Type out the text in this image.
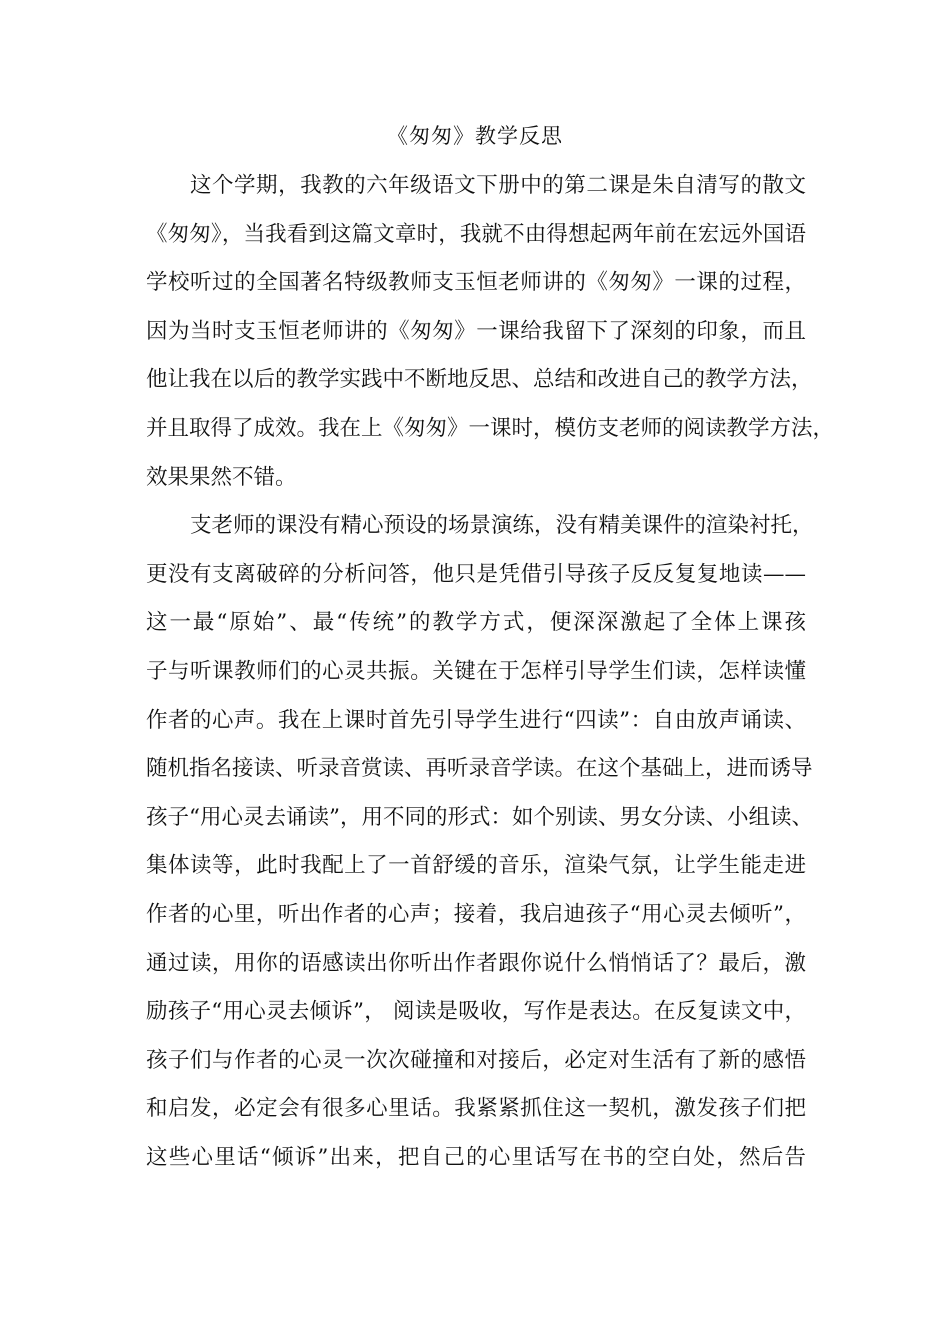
《匆匆》教学反思
这个学期，我教的六年级语文下册中的第二课是朱自清写的散文
《匆匆》，当我看到这篇文章时，我就不由得想起两年前在宏远外国语
学校听过的全国著名特级教师支玉恒老师讲的《匆匆》一课的过程，
因为当时支玉恒老师讲的《匆匆》一课给我留下了深刻的印象，而且
他让我在以后的教学实践中不断地反思、总结和改进自己的教学方法，
并且取得了成效。我在上《匆匆》一课时，模仿支老师的阅读教学方法，
效果果然不错。
支老师的课没有精心预设的场景演练，没有精美课件的渲染衬托，
更没有支离破碎的分析问答，他只是凭借引导孩子反反复复地读——
这一最“原始”、最“传统”的教学方式，便深深激起了全体上课孩
子与听课教师们的心灵共振。关键在于怎样引导学生们读，怎样读懂
作者的心声。我在上课时首先引导学生进行“四读”：自由放声诵读、
随机指名接读、听录音赏读、再听录音学读。在这个基础上，进而诱导
孩子“用心灵去诵读”，用不同的形式：如个别读、男女分读、小组读、
集体读等，此时我配上了一首舒缓的音乐，渲染气氛，让学生能走进
作者的心里，听出作者的心声；接着，我启迪孩子“用心灵去倾听”，
通过读，用你的语感读出你听出作者跟你说什么悄悄话了？最后，激
励孩子“用心灵去倾诉”， 阅读是吸收，写作是表达。在反复读文中，
孩子们与作者的心灵一次次碰撞和对接后，必定对生活有了新的感悟
和启发，必定会有很多心里话。我紧紧抓住这一契机，激发孩子们把
这些心里话“倾诉”出来，把自己的心里话写在书的空白处，然后告
